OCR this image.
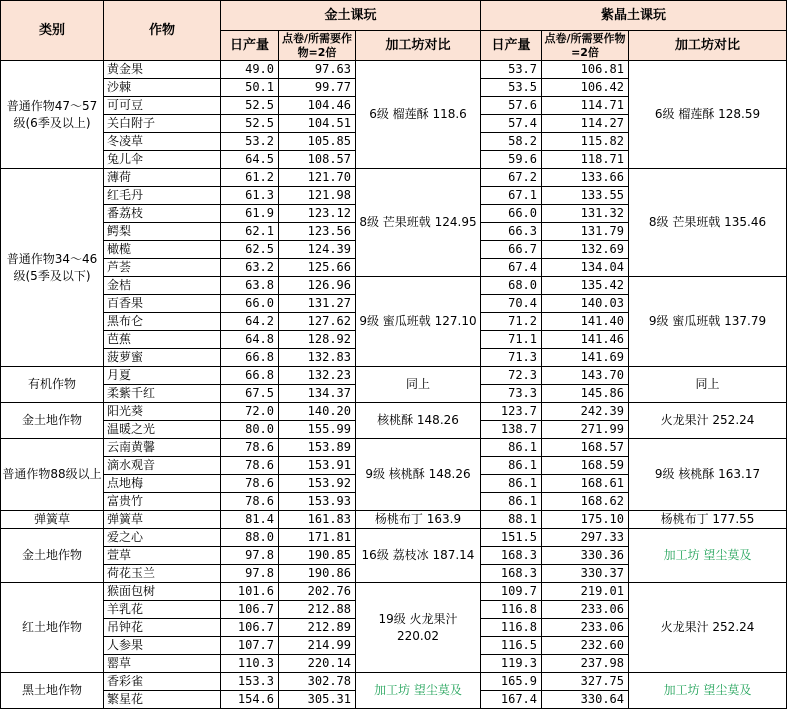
类别	作物	金土课玩			紫晶土课玩		
		日产量	点卷/所需要作物=2倍	加工坊对比	日产量	点卷/所需要作物=2倍	加工坊对比
普通作物47～57级(6季及以上)	黄金果	49.0	97.63	6级 榴莲酥 118.6	53.7	106.81	6级 榴莲酥 128.59
	沙棘	50.1	99.77		53.5	106.42	
	可可豆	52.5	104.46		57.6	114.71	
	关白附子	52.5	104.51		57.4	114.27	
	冬凌草	53.2	105.85		58.2	115.82	
	兔儿伞	64.5	108.57		59.6	118.71	
普通作物34～46级(5季及以下)	薄荷	61.2	121.70	8级 芒果班戟 124.95	67.2	133.66	8级 芒果班戟 135.46
	红毛丹	61.3	121.98		67.1	133.55	
	番荔枝	61.9	123.12		66.0	131.32	
	鳄梨	62.1	123.56		66.3	131.79	
	橄榄	62.5	124.39		66.7	132.69	
	芦荟	63.2	125.66		67.4	134.04	
	金桔	63.8	126.96	9级 蜜瓜班戟 127.10	68.0	135.42	9级 蜜瓜班戟 137.79
	百香果	66.0	131.27		70.4	140.03	
	黑布仑	64.2	127.62		71.2	141.40	
	芭蕉	64.8	128.92		71.1	141.46	
	菠萝蜜	66.8	132.83		71.3	141.69	
有机作物	月夏	66.8	132.23	同上	72.3	143.70	同上
	柔紫千红	67.5	134.37		73.3	145.86	
金土地作物	阳光葵	72.0	140.20	核桃酥 148.26	123.7	242.39	火龙果汁 252.24
	温暖之光	80.0	155.99		138.7	271.99	
普通作物88级以上	云南黄馨	78.6	153.89	9级 核桃酥 148.26	86.1	168.57	9级 核桃酥 163.17
	滴水观音	78.6	153.91		86.1	168.59	
	点地梅	78.6	153.92		86.1	168.61	
	富贵竹	78.6	153.93		86.1	168.62	
弹簧草	弹簧草	81.4	161.83	杨桃布丁 163.9	88.1	175.10	杨桃布丁 177.55
金土地作物	爱之心	88.0	171.81	16级 荔枝冰 187.14	151.5	297.33	加工坊 望尘莫及
	萱草	97.8	190.85		168.3	330.36	
	荷花玉兰	97.8	190.86		168.3	330.37	
红土地作物	猴面包树	101.6	202.76	19级 火龙果汁 220.02	109.7	219.01	火龙果汁 252.24
	羊乳花	106.7	212.88		116.8	233.06	
	吊钟花	106.7	212.89		116.8	233.06	
	人参果	107.7	214.99		116.5	232.60	
	罂草	110.3	220.14		119.3	237.98	
黑土地作物	香彩雀	153.3	302.78	加工坊 望尘莫及	165.9	327.75	加工坊 望尘莫及
	繁星花	154.6	305.31		167.4	330.64	
